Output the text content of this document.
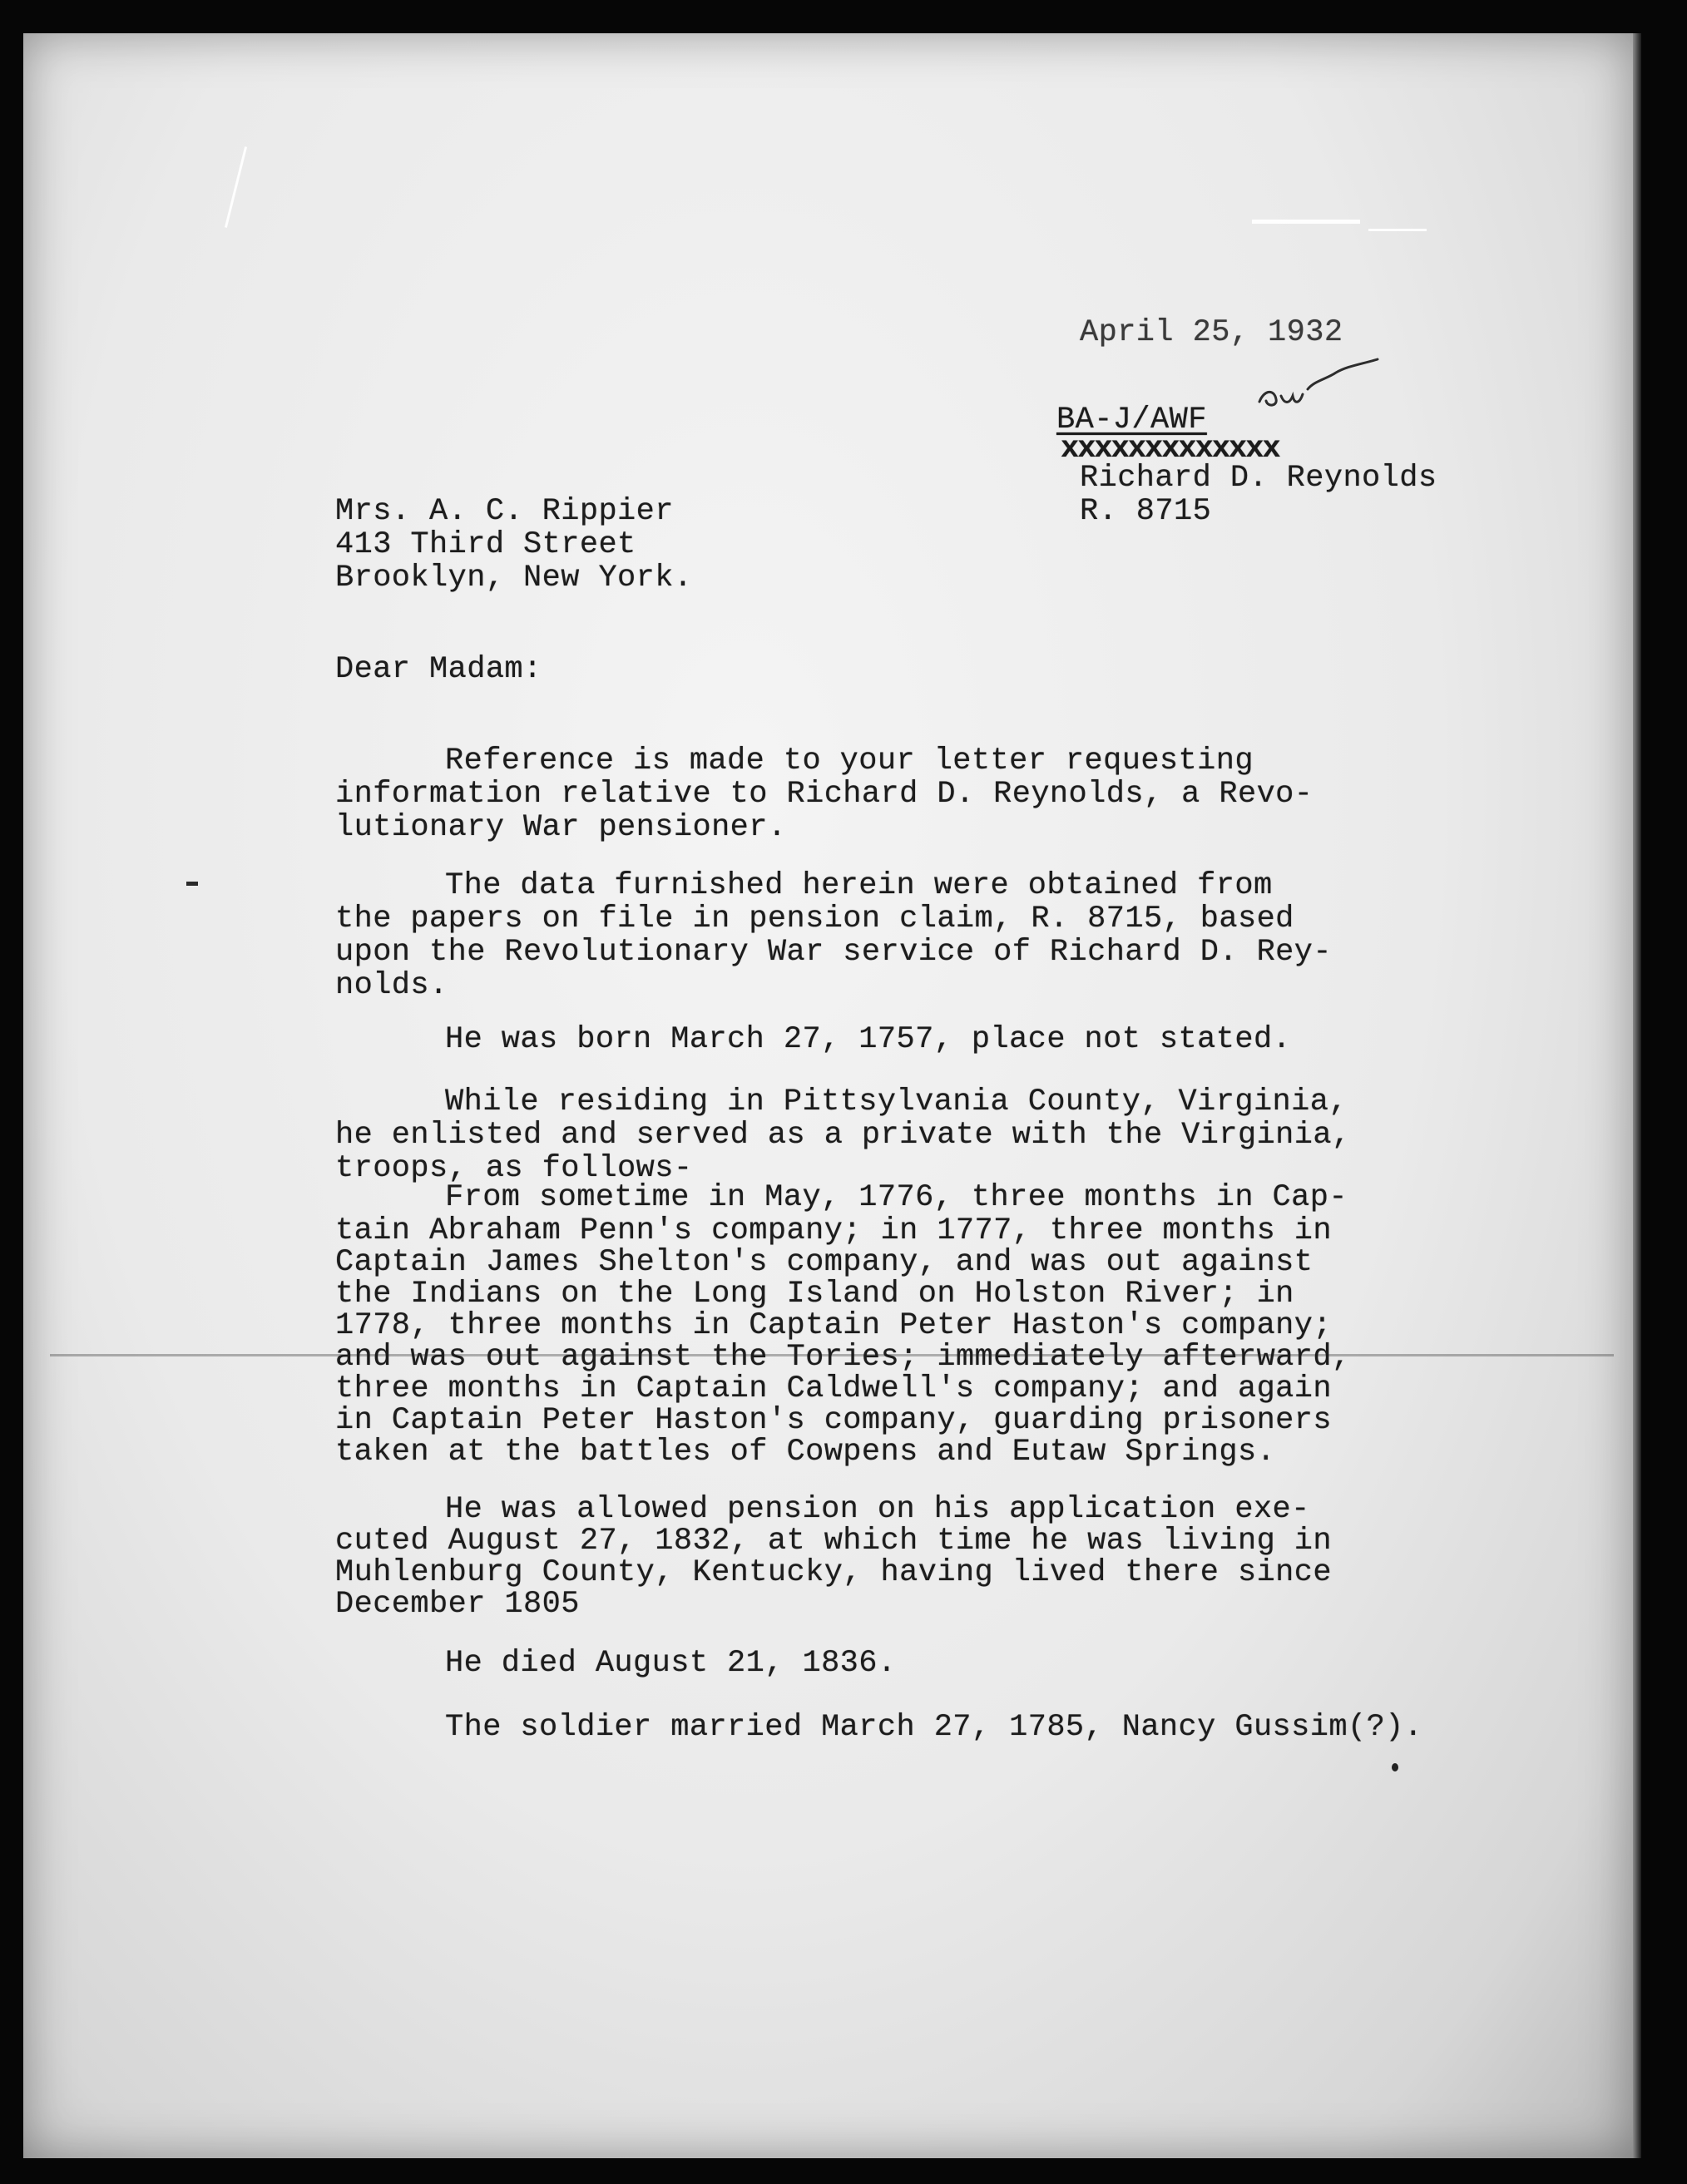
April 25, 1932

BA-J/AWF

xxxxxxxxxxxxx

Richard D. Reynolds

R. 8715

Mrs. A. C. Rippier

413 Third Street

Brooklyn, New York.

Dear Madam:

Reference is made to your letter requesting

information relative to Richard D. Reynolds, a Revo-

lutionary War pensioner.

The data furnished herein were obtained from

the papers on file in pension claim, R. 8715, based

upon the Revolutionary War service of Richard D. Rey-

nolds.

He was born March 27, 1757, place not stated.

While residing in Pittsylvania County, Virginia,

he enlisted and served as a private with the Virginia,

troops, as follows-

From sometime in May, 1776, three months in Cap-

tain Abraham Penn's company; in 1777, three months in

Captain James Shelton's company, and was out against

the Indians on the Long Island on Holston River; in

1778, three months in Captain Peter Haston's company;

and was out against the Tories; immediately afterward,

three months in Captain Caldwell's company; and again

in Captain Peter Haston's company, guarding prisoners

taken at the battles of Cowpens and Eutaw Springs.

He was allowed pension on his application exe-

cuted August 27, 1832, at which time he was living in

Muhlenburg County, Kentucky, having lived there since

December 1805

He died August 21, 1836.

The soldier married March 27, 1785, Nancy Gussim(?).
